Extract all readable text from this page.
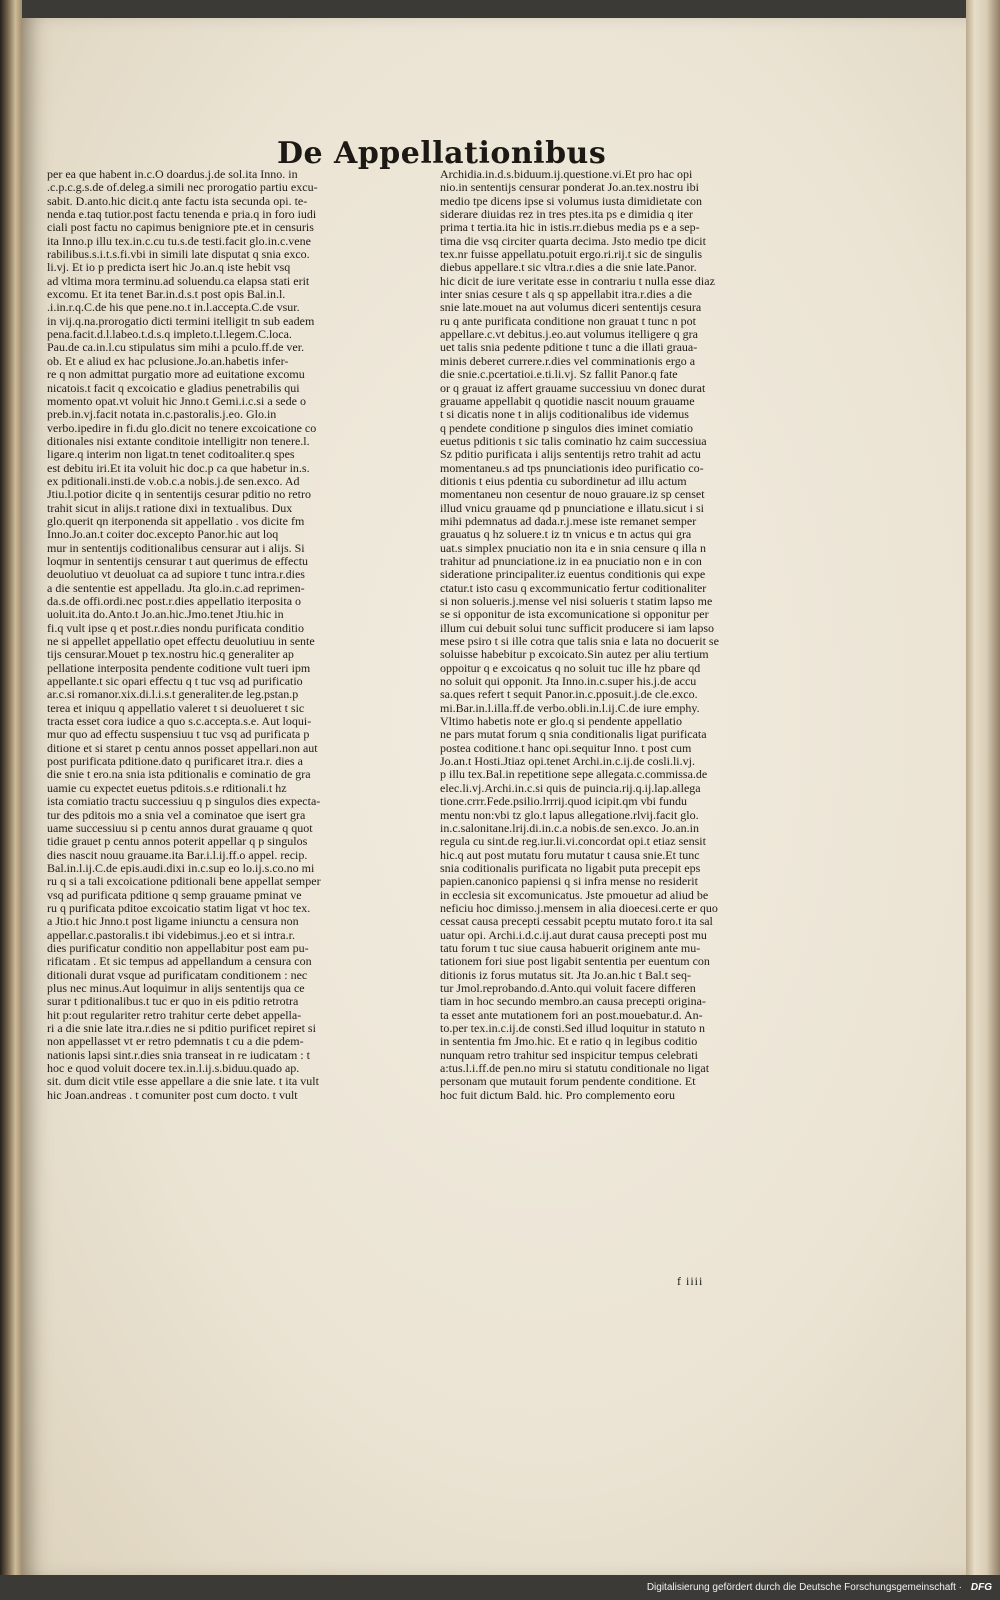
De Appellationibus
per ea que habent in.c.O doardus.j.de sol.ita Inno. in
.c.p.c.g.s.de of.deleg.a simili nec prorogatio partiu excu-
sabit. D.anto.hic dicit.q ante factu ista secunda opi. te-
nenda e.taq tutior.post factu tenenda e pria.q in foro iudi
ciali post factu no capimus benigniore pte.et in censuris
ita Inno.p illu tex.in.c.cu tu.s.de testi.facit glo.in.c.vene
rabilibus.s.i.t.s.fi.vbi in simili late disputat q snia exco.
li.vj. Et io p predicta isert hic Jo.an.q iste hebit vsq
ad vltima mora terminu.ad soluendu.ca elapsa stati erit
excomu. Et ita tenet Bar.in.d.s.t post opis Bal.in.l.
.i.in.r.q.C.de his que pene.no.t in.l.accepta.C.de vsur.
in vij.q.na.prorogatio dicti termini itelligit tn sub eadem
pena.facit.d.l.labeo.t.d.s.q impleto.t.l.legem.C.loca.
Pau.de ca.in.l.cu stipulatus sim mihi a pculo.ff.de ver.
ob. Et e aliud ex hac pclusione.Jo.an.habetis infer-
re q non admittat purgatio more ad euitatione excomu
nicatois.t facit q excoicatio e gladius penetrabilis qui
momento opat.vt voluit hic Jnno.t Gemi.i.c.si a sede o
preb.in.vj.facit notata in.c.pastoralis.j.eo. Glo.in
verbo.ipedire in fi.du glo.dicit no tenere excoicatione co
ditionales nisi extante conditoie intelligitr non tenere.l.
ligare.q interim non ligat.tn tenet coditoaliter.q spes
est debitu iri.Et ita voluit hic doc.p ca que habetur in.s.
ex pditionali.insti.de v.ob.c.a nobis.j.de sen.exco. Ad
Jtiu.l.potior dicite q in sententijs cesurar pditio no retro
trahit sicut in alijs.t ratione dixi in textualibus. Dux
glo.querit qn iterponenda sit appellatio . vos dicite fm
Inno.Jo.an.t coiter doc.excepto Panor.hic aut loq
mur in sententijs coditionalibus censurar aut i alijs. Si
loqmur in sententijs censurar t aut querimus de effectu
deuolutiuo vt deuoluat ca ad supiore t tunc intra.r.dies
a die sententie est appelladu. Jta glo.in.c.ad reprimen-
da.s.de offi.ordi.nec post.r.dies appellatio iterposita o
uoluit.ita do.Anto.t Jo.an.hic.Jmo.tenet Jtiu.hic in
fi.q vult ipse q et post.r.dies nondu purificata conditio
ne si appellet appellatio opet effectu deuolutiuu in sente
tijs censurar.Mouet p tex.nostru hic.q generaliter ap
pellatione interposita pendente coditione vult tueri ipm
appellante.t sic opari effectu q t tuc vsq ad purificatio
ar.c.si romanor.xix.di.l.i.s.t generaliter.de leg.pstan.p
terea et iniquu q appellatio valeret t si deuolueret t sic
tracta esset cora iudice a quo s.c.accepta.s.e. Aut loqui-
mur quo ad effectu suspensiuu t tuc vsq ad purificata p
ditione et si staret p centu annos posset appellari.non aut
post purificata pditione.dato q purificaret itra.r. dies a
die snie t ero.na snia ista pditionalis e cominatio de gra
uamie cu expectet euetus pditois.s.e rditionali.t hz
ista comiatio tractu successiuu q p singulos dies expecta-
tur des pditois mo a snia vel a cominatoe que isert gra
uame successiuu si p centu annos durat grauame q quot
tidie grauet p centu annos poterit appellar q p singulos
dies nascit nouu grauame.ita Bar.i.l.ij.ff.o appel. recip.
Bal.in.l.ij.C.de epis.audi.dixi in.c.sup eo lo.ij.s.co.no mi
ru q si a tali excoicatione pditionali bene appellat semper
vsq ad purificata pditione q semp grauame pminat ve
ru q purificata pditoe excoicatio statim ligat vt hoc tex.
a Jtio.t hic Jnno.t post ligame iniunctu a censura non
appellar.c.pastoralis.t ibi videbimus.j.eo et si intra.r.
dies purificatur conditio non appellabitur post eam pu-
rificatam . Et sic tempus ad appellandum a censura con
ditionali durat vsque ad purificatam conditionem : nec
plus nec minus.Aut loquimur in alijs sententijs qua ce
surar t pditionalibus.t tuc er quo in eis pditio retrotra
hit p:out regulariter retro trahitur certe debet appella-
ri a die snie late itra.r.dies ne si pditio purificet repiret si
non appellasset vt er retro pdemnatis t cu a die pdem-
nationis lapsi sint.r.dies snia transeat in re iudicatam : t
hoc e quod voluit docere tex.in.l.ij.s.biduu.quado ap.
sit. dum dicit vtile esse appellare a die snie late. t ita vult
hic Joan.andreas . t comuniter post cum docto. t vult
Archidia.in.d.s.biduum.ij.questione.vi.Et pro hac opi
nio.in sententijs censurar ponderat Jo.an.tex.nostru ibi
medio tpe dicens ipse si volumus iusta dimidietate con
siderare diuidas rez in tres ptes.ita ps e dimidia q iter
prima t tertia.ita hic in istis.rr.diebus media ps e a sep-
tima die vsq circiter quarta decima. Jsto medio tpe dicit
tex.nr fuisse appellatu.potuit ergo.ri.rij.t sic de singulis
diebus appellare.t sic vltra.r.dies a die snie late.Panor.
hic dicit de iure veritate esse in contrariu t nulla esse diaz
inter snias cesure t als q sp appellabit itra.r.dies a die
snie late.mouet na aut volumus diceri sententijs cesura
ru q ante purificata conditione non grauat t tunc n pot
appellare.c.vt debitus.j.eo.aut volumus itelligere q gra
uet talis snia pedente pditione t tunc a die illati graua-
minis deberet currere.r.dies vel comminationis ergo a
die snie.c.pcertatioi.e.ti.li.vj. Sz fallit Panor.q fate
or q grauat iz affert grauame successiuu vn donec durat
grauame appellabit q quotidie nascit nouum grauame
t si dicatis none t in alijs coditionalibus ide videmus
q pendete conditione p singulos dies iminet comiatio
euetus pditionis t sic talis cominatio hz caim successiua
Sz pditio purificata i alijs sententijs retro trahit ad actu
momentaneu.s ad tps pnunciationis ideo purificatio co-
ditionis t eius pdentia cu subordinetur ad illu actum
momentaneu non cesentur de nouo grauare.iz sp censet
illud vnicu grauame qd p pnunciatione e illatu.sicut i si
mihi pdemnatus ad dada.r.j.mese iste remanet semper
grauatus q hz soluere.t iz tn vnicus e tn actus qui gra
uat.s simplex pnuciatio non ita e in snia censure q illa n
trahitur ad pnunciatione.iz in ea pnuciatio non e in con
sideratione principaliter.iz euentus conditionis qui expe
ctatur.t isto casu q excommunicatio fertur coditionaliter
si non solueris.j.mense vel nisi solueris t statim lapso me
se si opponitur de ista excomunicatione si opponitur per
illum cui debuit solui tunc sufficit producere si iam lapso
mese psiro t si ille cotra que talis snia e lata no docuerit se
soluisse habebitur p excoicato.Sin autez per aliu tertium
oppoitur q e excoicatus q no soluit tuc ille hz pbare qd
no soluit qui opponit. Jta Inno.in.c.super his.j.de accu
sa.ques refert t sequit Panor.in.c.pposuit.j.de cle.exco.
mi.Bar.in.l.illa.ff.de verbo.obli.in.l.ij.C.de iure emphy.
Vltimo habetis note er glo.q si pendente appellatio
ne pars mutat forum q snia conditionalis ligat purificata
postea coditione.t hanc opi.sequitur Inno. t post cum
Jo.an.t Hosti.Jtiaz opi.tenet Archi.in.c.ij.de cosli.li.vj.
p illu tex.Bal.in repetitione sepe allegata.c.commissa.de
elec.li.vj.Archi.in.c.si quis de puincia.rij.q.ij.lap.allega
tione.crrr.Fede.psilio.lrrrij.quod icipit.qm vbi fundu
mentu non:vbi tz glo.t lapus allegatione.rlvij.facit glo.
in.c.salonitane.lrij.di.in.c.a nobis.de sen.exco. Jo.an.in
regula cu sint.de reg.iur.li.vi.concordat opi.t etiaz sensit
hic.q aut post mutatu foru mutatur t causa snie.Et tunc
snia coditionalis purificata no ligabit puta precepit eps
papien.canonico papiensi q si infra mense no residerit
in ecclesia sit excomunicatus. Jste pmouetur ad aliud be
neficiu hoc dimisso.j.mensem in alia dioecesi.certe er quo
cessat causa precepti cessabit pceptu mutato foro.t ita sal
uatur opi. Archi.i.d.c.ij.aut durat causa precepti post mu
tatu forum t tuc siue causa habuerit originem ante mu-
tationem fori siue post ligabit sententia per euentum con
ditionis iz forus mutatus sit. Jta Jo.an.hic t Bal.t seq-
tur Jmol.reprobando.d.Anto.qui voluit facere differen
tiam in hoc secundo membro.an causa precepti origina-
ta esset ante mutationem fori an post.mouebatur.d. An-
to.per tex.in.c.ij.de consti.Sed illud loquitur in statuto n
in sententia fm Jmo.hic. Et e ratio q in legibus coditio
nunquam retro trahitur sed inspicitur tempus celebrati
a:tus.l.i.ff.de pen.no miru si statutu conditionale no ligat
personam que mutauit forum pendente conditione. Et
hoc fuit dictum Bald. hic. Pro complemento eoru
f iiii
Digitalisierung gefördert durch die Deutsche Forschungsgemeinschaft · DFG
